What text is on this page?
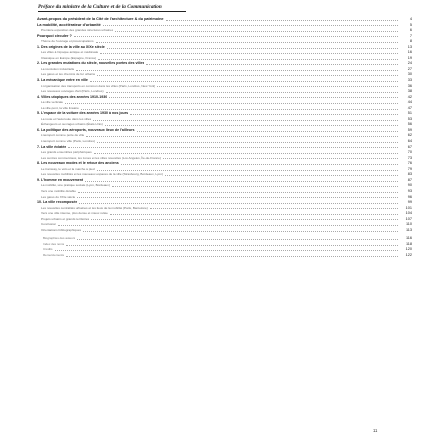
Préface du ministre de la Culture et de la Communication
Avant-propos du président de la Cité de l'architecture & du patrimoine	4
La mobilité, accélérateur d'urbanité	5
Première exposition des grandes structures urbaines	6
Pourquoi circuler ?	7
Thème de l'ouvrage et préoccupations	8
1. Des origines de la ville au XIXe siècle	13
Les villes à l'époque antique et médiévale	16
Classique en Europe (Espagne, France)	19
2. Les grandes mutations du siècle, nouvelles portes des villes	24
La révolution industrielle	27
Les gares et les chemins de fer urbains	30
3. La mécanique entre en ville	33
L'organisation des transports en commun dans les villes (Paris, Londres, New York)	36
Les nouveaux ouvrages d'art (Paris, Londres)	38
4. Villes utopiques des années 1910-1930	42
La ville verticale	44
La ville-pont, la ville linéaire	47
5. L'espace de la voiture des années 1930 à nos jours	51
La route et l'autoroute dans les villes	53
Échangeurs et ouvrages urbains (États-Unis)	56
6. La politique des aéroports, nouveaux lieux de l'ailleurs	59
L'aéroport comme porte de ville	62
L'aéroport comme ville (Paris, Londres)	64
7. La ville éclatée	67
Les grands ensembles périphériques	70
Les centres commerciaux, les zones et les villes nouvelles (Los Angeles, Île-de-France)	73
8. Les nouveaux modes et le retour des anciens	76
Le tramway, le vélo et la marche à pied	79
Les nouvelles mobilités et les nouveaux espaces de la ville (Strasbourg, Bordeaux, Lyon)	83
9. L'homme en mouvement	87
La mobilité, une pratique sociale (Lyon, Bordeaux)	90
Vers une mobilité durable	93
Les gares du XXIe siècle	96
10. La ville recomposée	99
Les nouvelles centralités urbaines et les lieux de la mobilité (Paris, Barcelone)	101
Vers une ville intense, plus dense et mieux reliée	104
Projets urbains et grands territoires	107
Conclusion	110
Orientations bibliographiques	113
Biographies des auteurs	116
Index des noms	118
Crédits	120
Remerciements	122
11
